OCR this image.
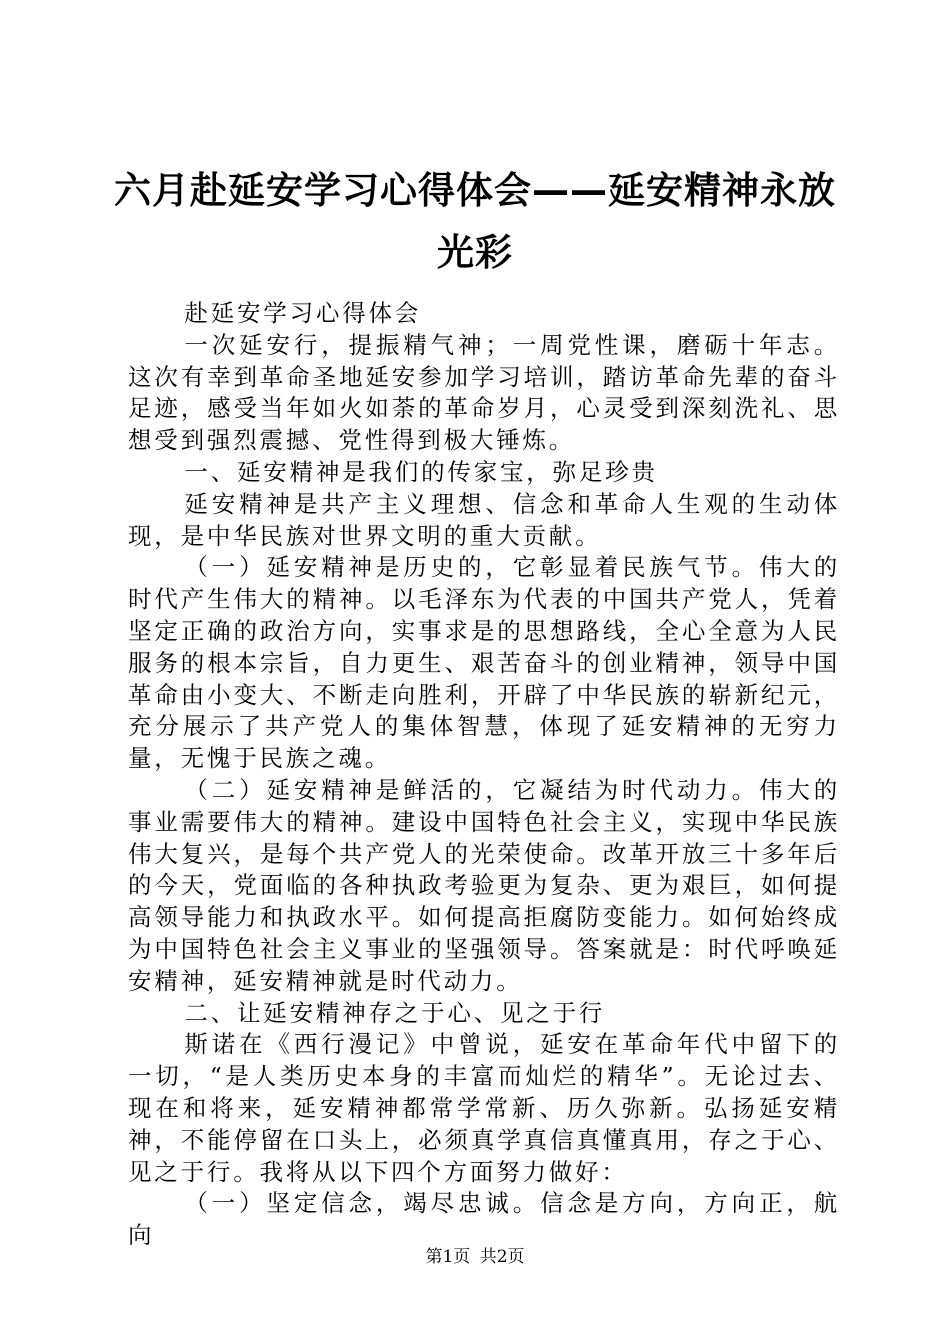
六月赴延安学习心得体会——延安精神永放光彩

赴延安学习心得体会

一次延安行，提振精气神；一周党性课，磨砺十年志。这次有幸到革命圣地延安参加学习培训，踏访革命先辈的奋斗足迹，感受当年如火如荼的革命岁月，心灵受到深刻洗礼、思想受到强烈震撼、党性得到极大锤炼。

一、延安精神是我们的传家宝，弥足珍贵

延安精神是共产主义理想、信念和革命人生观的生动体现，是中华民族对世界文明的重大贡献。

（一）延安精神是历史的，它彰显着民族气节。伟大的时代产生伟大的精神。以毛泽东为代表的中国共产党人，凭着坚定正确的政治方向，实事求是的思想路线，全心全意为人民服务的根本宗旨，自力更生、艰苦奋斗的创业精神，领导中国革命由小变大、不断走向胜利，开辟了中华民族的崭新纪元，充分展示了共产党人的集体智慧，体现了延安精神的无穷力量，无愧于民族之魂。

（二）延安精神是鲜活的，它凝结为时代动力。伟大的事业需要伟大的精神。建设中国特色社会主义，实现中华民族伟大复兴，是每个共产党人的光荣使命。改革开放三十多年后的今天，党面临的各种执政考验更为复杂、更为艰巨，如何提高领导能力和执政水平。如何提高拒腐防变能力。如何始终成为中国特色社会主义事业的坚强领导。答案就是：时代呼唤延安精神，延安精神就是时代动力。

二、让延安精神存之于心、见之于行

斯诺在《西行漫记》中曾说，延安在革命年代中留下的一切，“是人类历史本身的丰富而灿烂的精华”。无论过去、现在和将来，延安精神都常学常新、历久弥新。弘扬延安精神，不能停留在口头上，必须真学真信真懂真用，存之于心、见之于行。我将从以下四个方面努力做好：

（一）坚定信念，竭尽忠诚。信念是方向，方向正，航向

第1页 共2页
